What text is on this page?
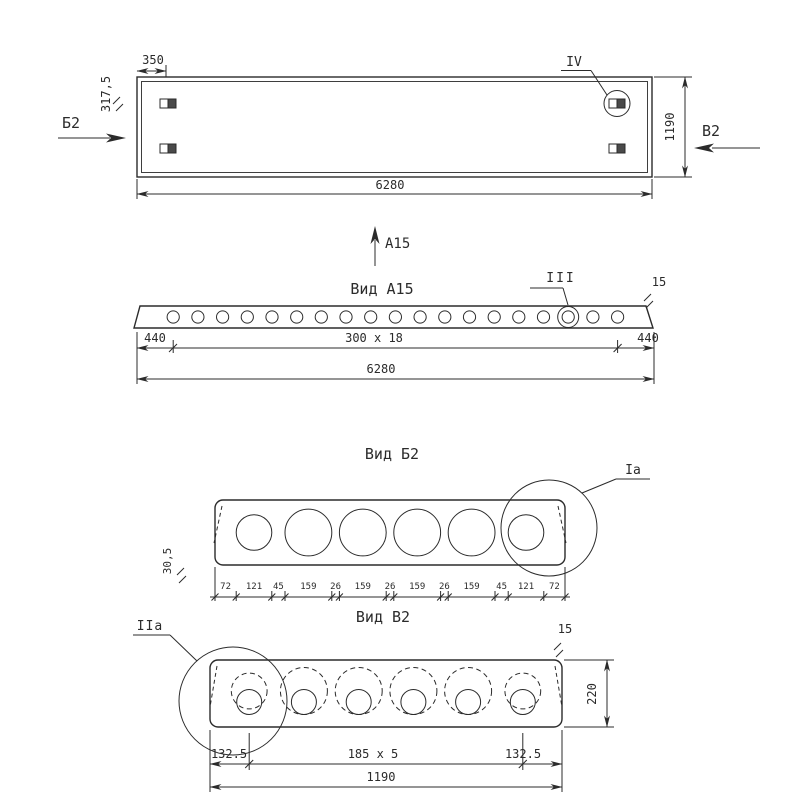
IV
350
317,5
Б2	B2
1190
6280
А15
Вид А15
III	15
440	300 x 18	440
6280
Вид Б2
Ia
30,5
72 121 45 159 26 159 26 159 26 159 45 121 72
Вид В2
IIa	15
220
132.5	185 x 5	132.5
1190
